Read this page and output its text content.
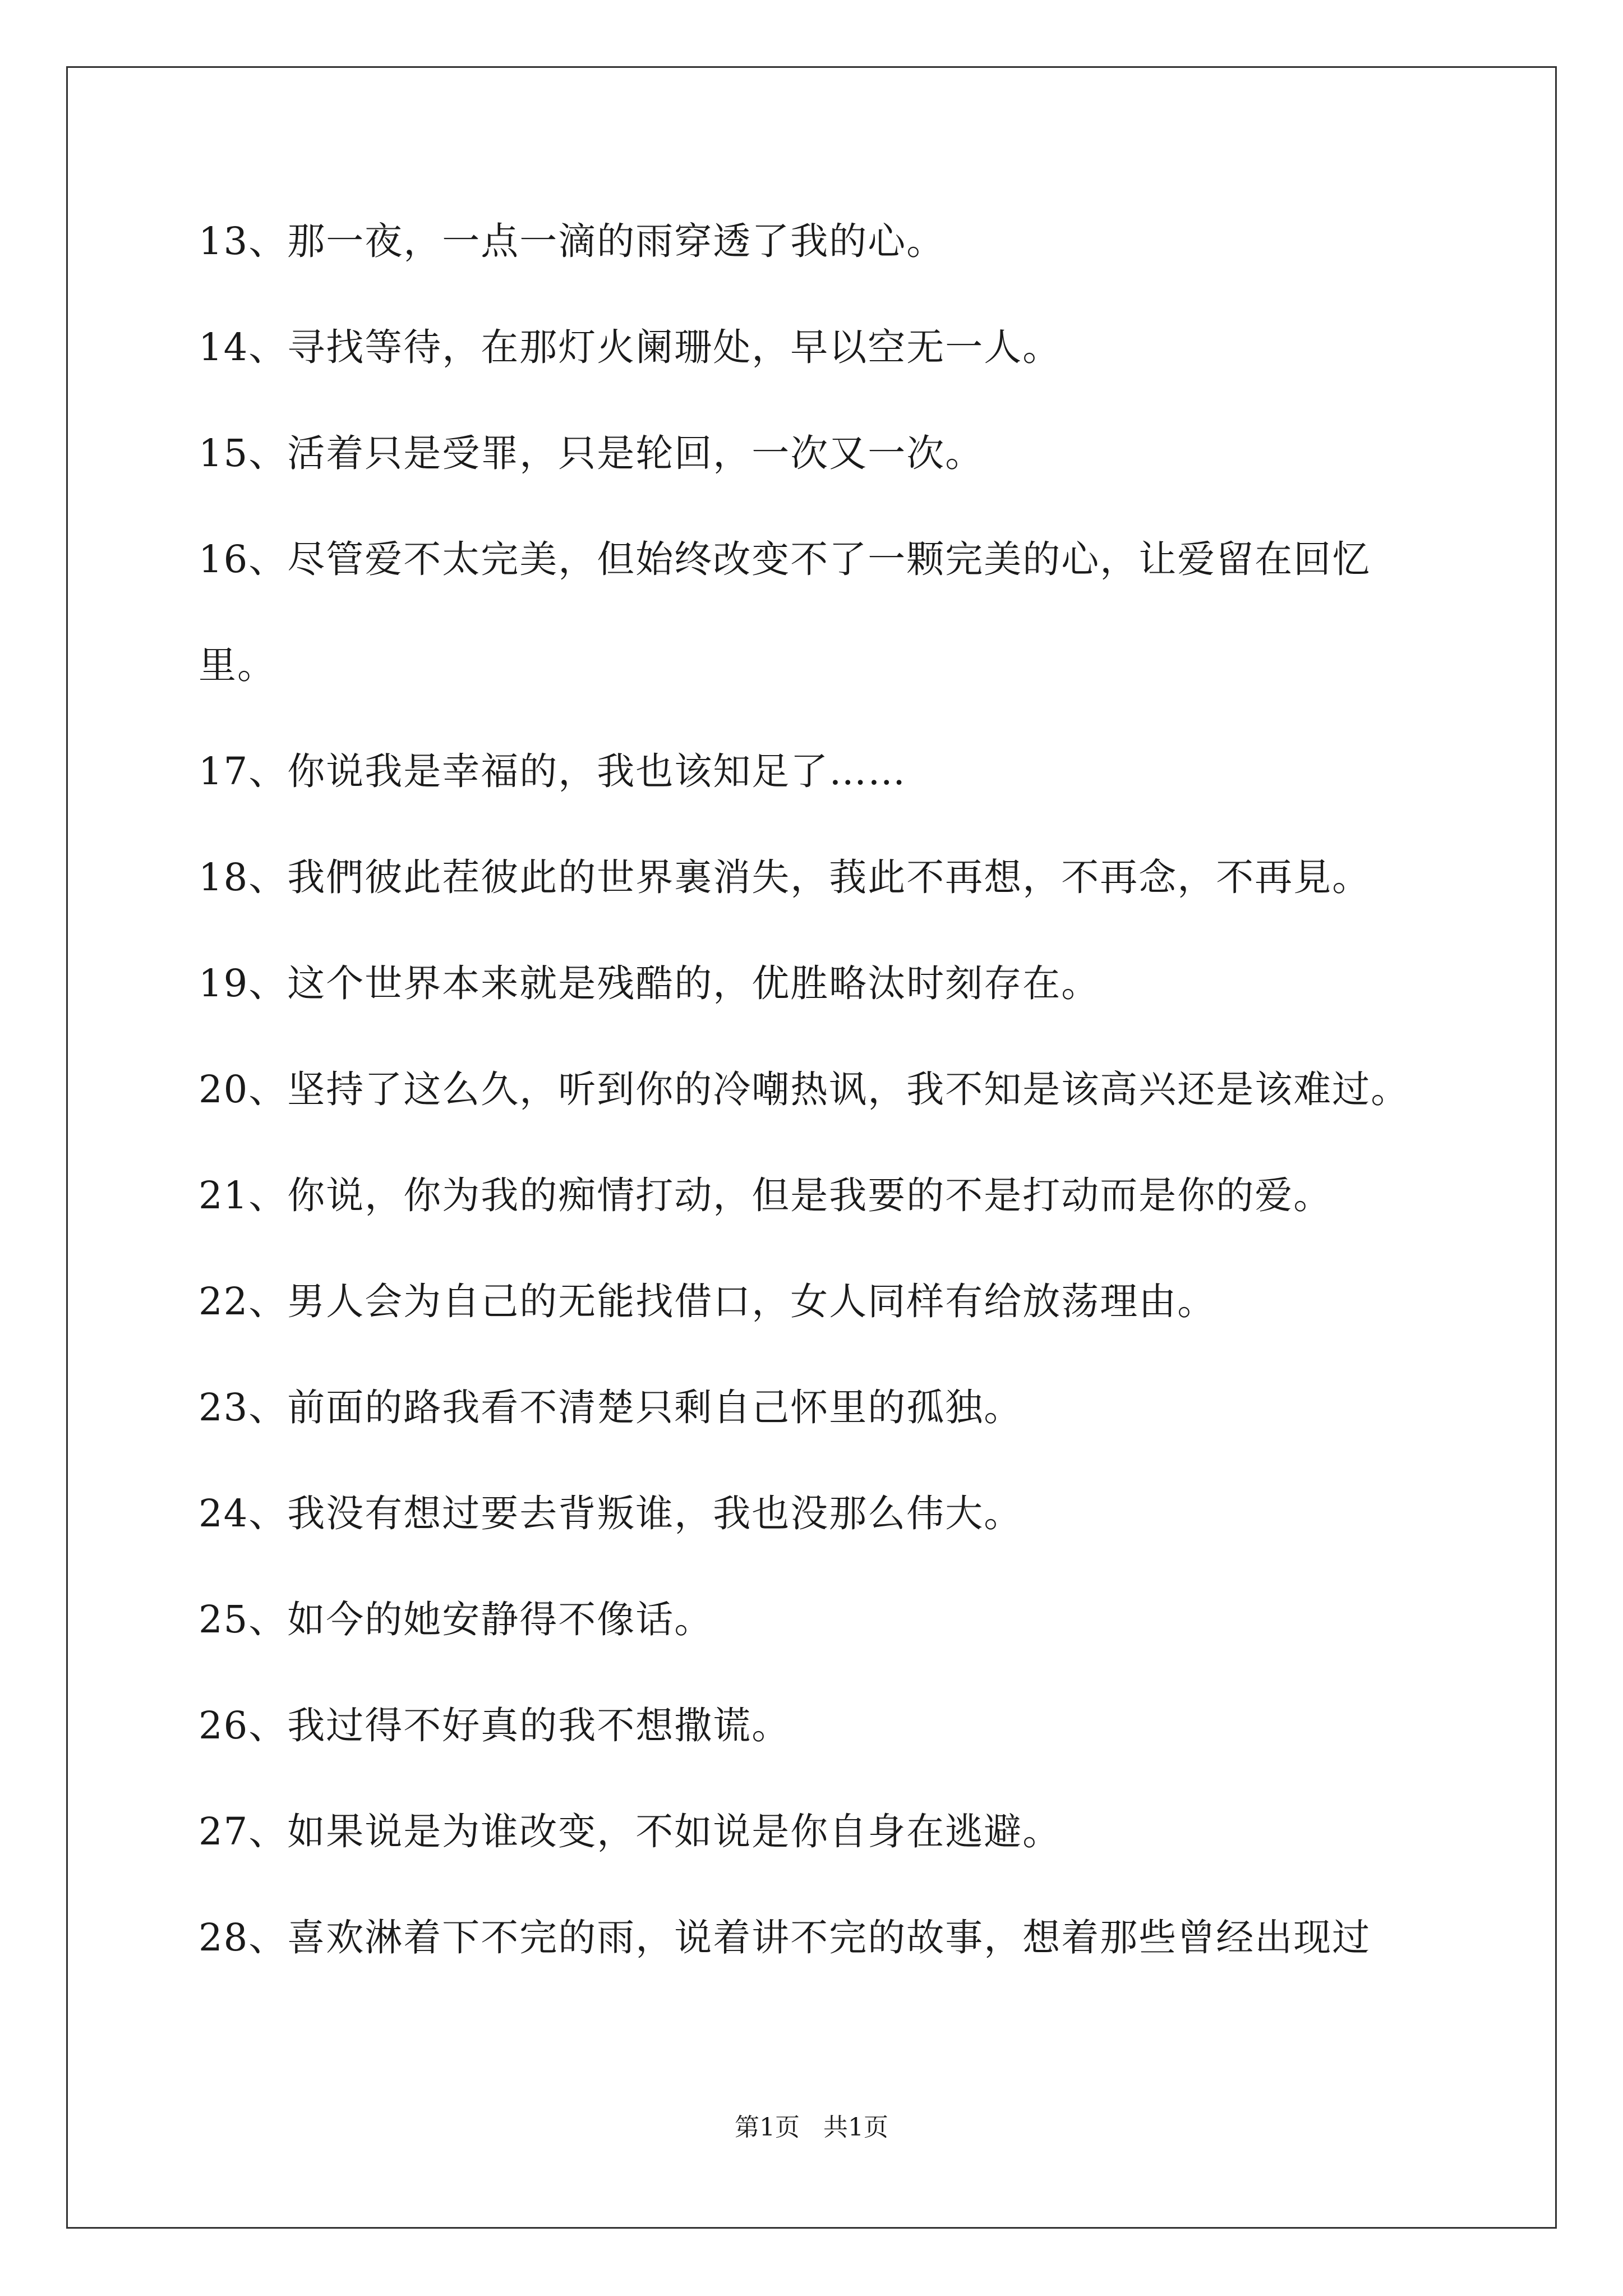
13、那一夜，一点一滴的雨穿透了我的心。
14、寻找等待，在那灯火阑珊处，早以空无一人。
15、活着只是受罪，只是轮回，一次又一次。
16、尽管爱不太完美，但始终改变不了一颗完美的心，让爱留在回忆
里。
17、你说我是幸福的，我也该知足了……
18、我們彼此茬彼此的世界裏消失，莪此不再想，不再念，不再見。
19、这个世界本来就是残酷的，优胜略汰时刻存在。
20、坚持了这么久，听到你的冷嘲热讽，我不知是该高兴还是该难过。
21、你说，你为我的痴情打动，但是我要的不是打动而是你的爱。
22、男人会为自己的无能找借口，女人同样有给放荡理由。
23、前面的路我看不清楚只剩自己怀里的孤独。
24、我没有想过要去背叛谁，我也没那么伟大。
25、如今的她安静得不像话。
26、我过得不好真的我不想撒谎。
27、如果说是为谁改变，不如说是你自身在逃避。
28、喜欢淋着下不完的雨，说着讲不完的故事，想着那些曾经出现过
第1页   共1页
